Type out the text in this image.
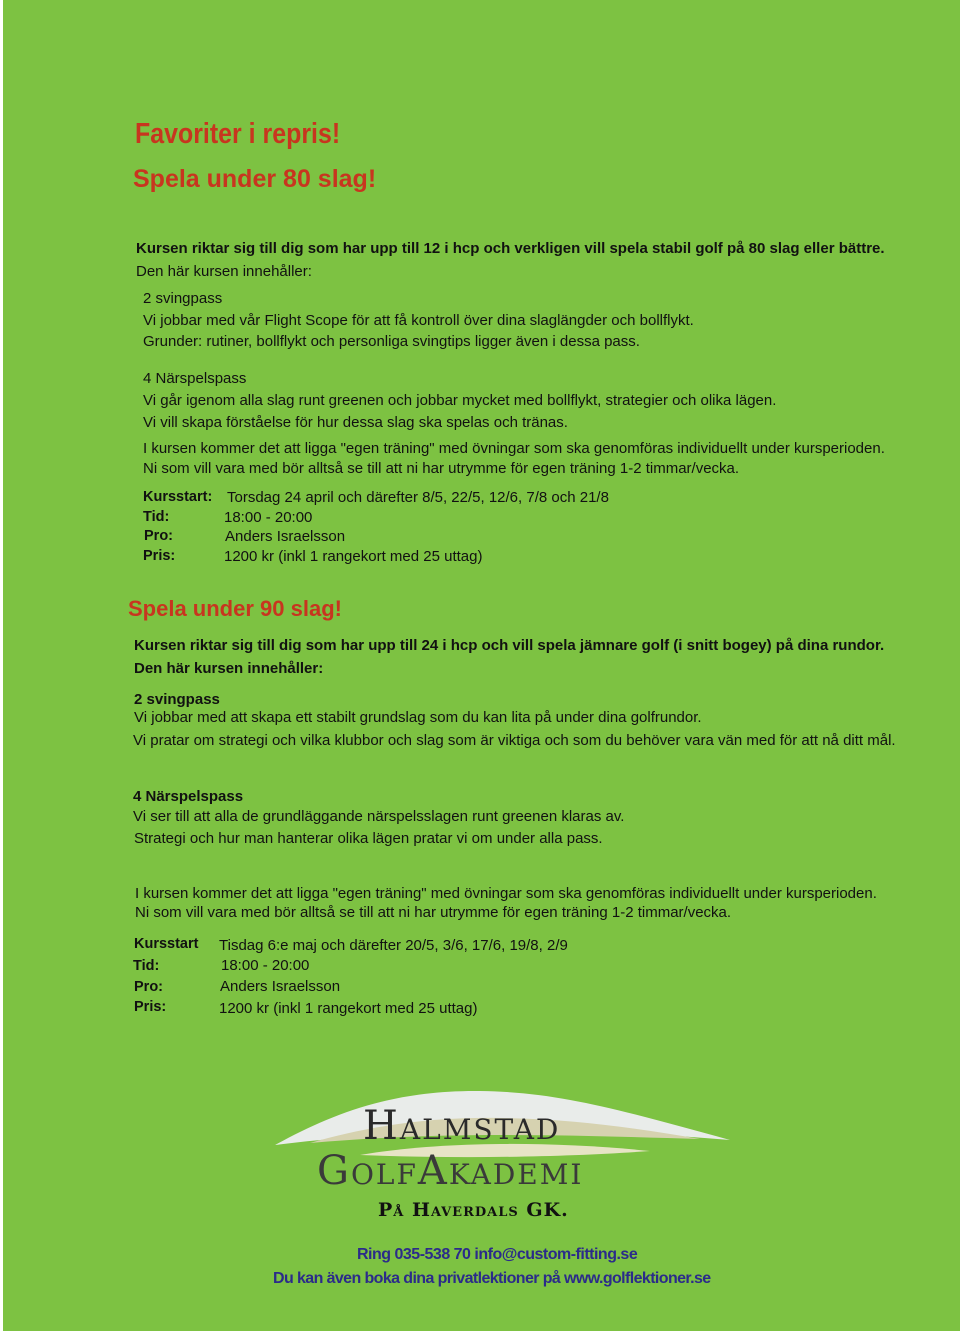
Favoriter i repris!
Spela under 80 slag!
Kursen riktar sig till dig som har upp till 12 i hcp och verkligen vill spela stabil golf på 80 slag eller bättre.
Den här kursen innehåller:
2 svingpass
Vi jobbar med vår Flight Scope för att få kontroll över dina slaglängder och bollflykt.
Grunder: rutiner, bollflykt och personliga svingtips ligger även i dessa pass.
4 Närspelspass
Vi går igenom alla slag runt greenen och jobbar mycket med bollflykt, strategier och olika lägen.
Vi vill skapa förståelse för hur dessa slag ska spelas och tränas.
I kursen kommer det att ligga "egen träning" med övningar som ska genomföras individuellt under kursperioden.
Ni som vill vara med bör alltså se till att ni har utrymme för egen träning 1-2 timmar/vecka.
Kursstart: Torsdag 24 april och därefter 8/5, 22/5, 12/6, 7/8 och 21/8
Tid:	18:00 - 20:00
Pro:	Anders Israelsson
Pris:	1200 kr (inkl 1 rangekort med 25 uttag)
Spela under 90 slag!
Kursen riktar sig till dig som har upp till 24 i hcp och vill spela jämnare golf (i snitt bogey) på dina rundor.
Den här kursen innehåller:
2 svingpass
Vi jobbar med att skapa ett stabilt grundslag som du kan lita på under dina golfrundor.
Vi pratar om strategi och vilka klubbor och slag som är viktiga och som du behöver vara vän med för att nå ditt mål.
4 Närspelspass
Vi ser till att alla de grundläggande närspelsslagen runt greenen klaras av.
Strategi och hur man hanterar olika lägen pratar vi om under alla pass.
I kursen kommer det att ligga "egen träning" med övningar som ska genomföras individuellt under kursperioden.
Ni som vill vara med bör alltså se till att ni har utrymme för egen träning 1-2 timmar/vecka.
Kursstart Tisdag 6:e maj och därefter 20/5, 3/6, 17/6, 19/8, 2/9
Tid:	18:00 - 20:00
Pro:	Anders Israelsson
Pris:	1200 kr (inkl 1 rangekort med 25 uttag)
Halmstad
GolfAkademi
På Haverdals GK.
Ring 035-538 70 info@custom-fitting.se
Du kan även boka dina privatlektioner på www.golflektioner.se
